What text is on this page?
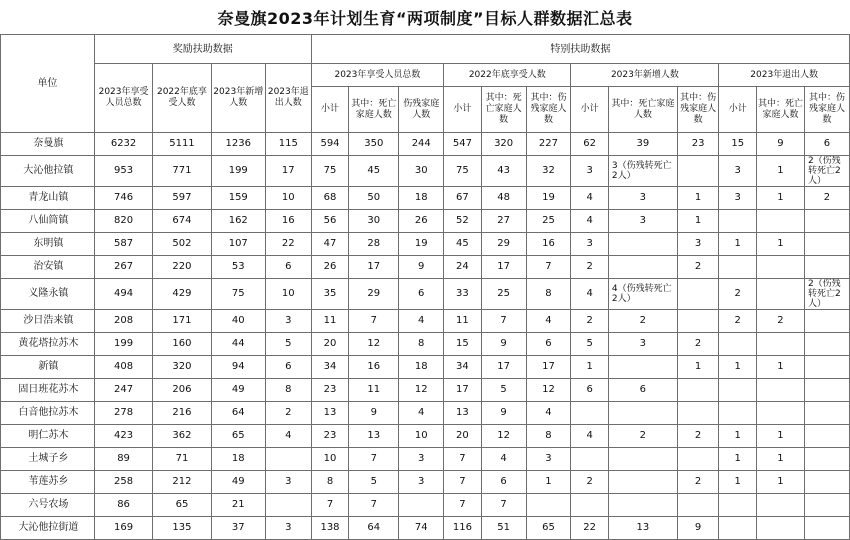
奈曼旗2023年计划生育“两项制度”目标人群数据汇总表
单位	奖励扶助数据				特别扶助数据											
	2023年享受人员总数	2022年底享受人数	2023年新增人数	2023年退出人数	2023年享受人员总数			2022年底享受人数			2023年新增人数			2023年退出人数		
					小计	其中：死亡家庭人数	伤残家庭人数	小计	其中：死亡家庭人数	其中：伤残家庭人数	小计	其中：死亡家庭人数	其中：伤残家庭人数	小计	其中：死亡家庭人数	其中：伤残家庭人数
奈曼旗	6232	5111	1236	115	594	350	244	547	320	227	62	39	23	15	9	6
大沁他拉镇	953	771	199	17	75	45	30	75	43	32	3	3（伤残转死亡2人）		3	1	2（伤残转死亡2人）
青龙山镇	746	597	159	10	68	50	18	67	48	19	4	3	1	3	1	2
八仙筒镇	820	674	162	16	56	30	26	52	27	25	4	3	1			
东明镇	587	502	107	22	47	28	19	45	29	16	3		3	1	1	
治安镇	267	220	53	6	26	17	9	24	17	7	2		2			
义隆永镇	494	429	75	10	35	29	6	33	25	8	4	4（伤残转死亡2人）		2		2（伤残转死亡2人）
沙日浩来镇	208	171	40	3	11	7	4	11	7	4	2	2		2	2	
黄花塔拉苏木	199	160	44	5	20	12	8	15	9	6	5	3	2			
新镇	408	320	94	6	34	16	18	34	17	17	1		1	1	1	
固日班花苏木	247	206	49	8	23	11	12	17	5	12	6	6				
白音他拉苏木	278	216	64	2	13	9	4	13	9	4						
明仁苏木	423	362	65	4	23	13	10	20	12	8	4	2	2	1	1	
土城子乡	89	71	18		10	7	3	7	4	3				1	1	
苇莲苏乡	258	212	49	3	8	5	3	7	6	1	2		2	1	1	
六号农场	86	65	21		7	7		7	7							
大沁他拉街道	169	135	37	3	138	64	74	116	51	65	22	13	9			
